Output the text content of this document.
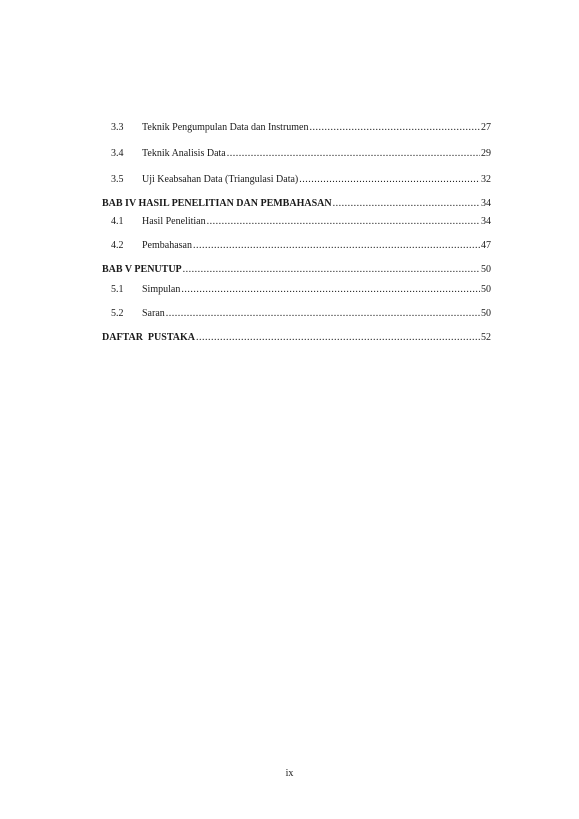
3.3	Teknik Pengumpulan Data dan Instrumen .....	27
3.4	Teknik Analisis Data .....	29
3.5	Uji Keabsahan Data (Triangulasi Data) .....	32
BAB IV HASIL PENELITIAN DAN PEMBAHASAN .....	34
4.1	Hasil Penelitian .....	34
4.2	Pembahasan .....	47
BAB V PENUTUP .....	50
5.1	Simpulan .....	50
5.2	Saran .....	50
DAFTAR  PUSTAKA .....	52
ix
